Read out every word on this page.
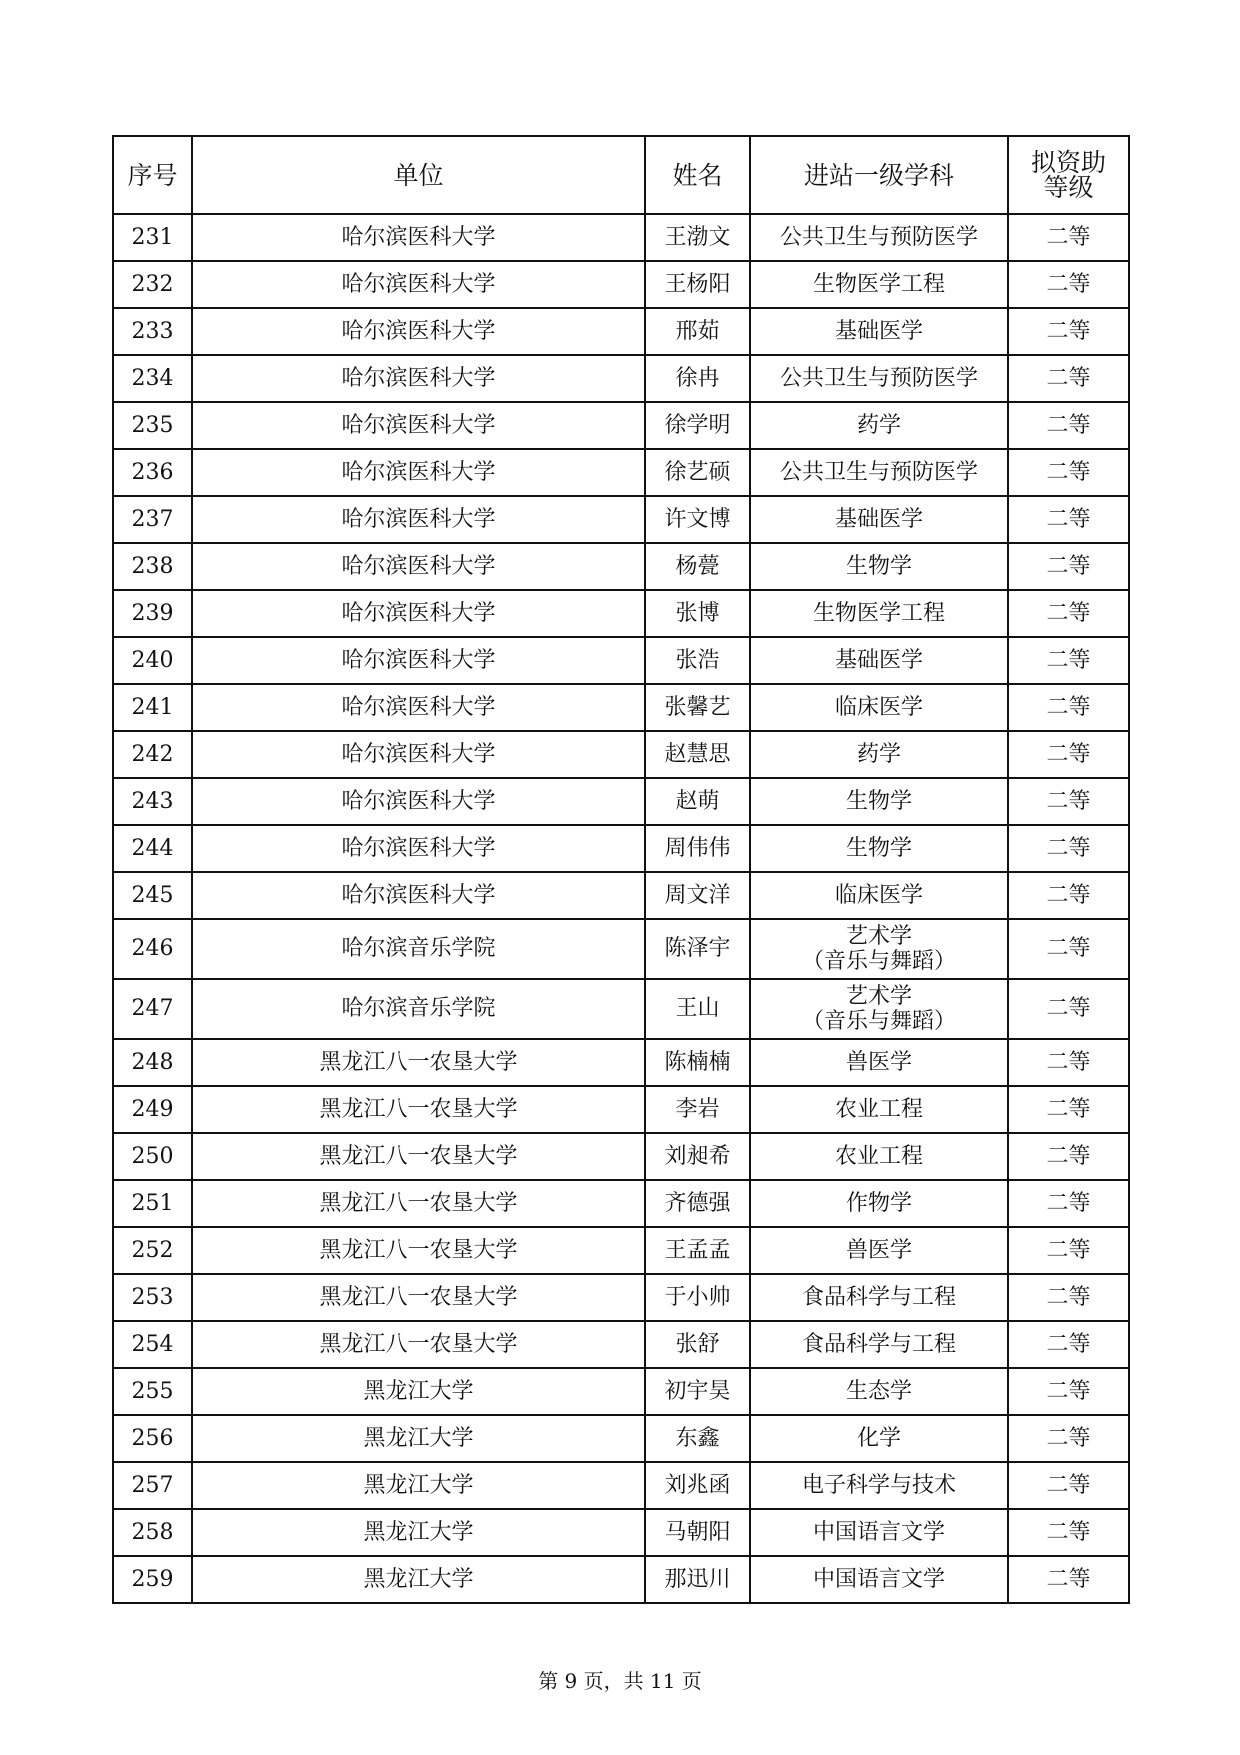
序号	单位	姓名	进站一级学科	拟资助
等级

231	哈尔滨医科大学	王渤文	公共卫生与预防医学	二等
232	哈尔滨医科大学	王杨阳	生物医学工程	二等
233	哈尔滨医科大学	邢茹	基础医学	二等
234	哈尔滨医科大学	徐冉	公共卫生与预防医学	二等
235	哈尔滨医科大学	徐学明	药学	二等
236	哈尔滨医科大学	徐艺硕	公共卫生与预防医学	二等
237	哈尔滨医科大学	许文博	基础医学	二等
238	哈尔滨医科大学	杨甍	生物学	二等
239	哈尔滨医科大学	张博	生物医学工程	二等
240	哈尔滨医科大学	张浩	基础医学	二等
241	哈尔滨医科大学	张馨艺	临床医学	二等
242	哈尔滨医科大学	赵慧思	药学	二等
243	哈尔滨医科大学	赵萌	生物学	二等
244	哈尔滨医科大学	周伟伟	生物学	二等
245	哈尔滨医科大学	周文洋	临床医学	二等
246	哈尔滨音乐学院	陈泽宇	艺术学
（音乐与舞蹈）	二等
247	哈尔滨音乐学院	王山	艺术学
（音乐与舞蹈）	二等
248	黑龙江八一农垦大学	陈楠楠	兽医学	二等
249	黑龙江八一农垦大学	李岩	农业工程	二等
250	黑龙江八一农垦大学	刘昶希	农业工程	二等
251	黑龙江八一农垦大学	齐德强	作物学	二等
252	黑龙江八一农垦大学	王孟孟	兽医学	二等
253	黑龙江八一农垦大学	于小帅	食品科学与工程	二等
254	黑龙江八一农垦大学	张舒	食品科学与工程	二等
255	黑龙江大学	初宇昊	生态学	二等
256	黑龙江大学	东鑫	化学	二等
257	黑龙江大学	刘兆函	电子科学与技术	二等
258	黑龙江大学	马朝阳	中国语言文学	二等
259	黑龙江大学	那迅川	中国语言文学	二等
第 9 页，共 11 页
